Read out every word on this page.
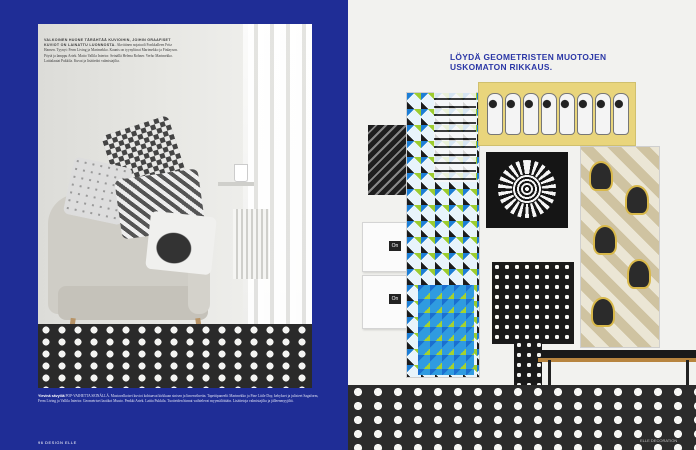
VALKOINEN HUONE TÄRÄHTÄÄ KUVIOIHIN, JOIHIN GRAAFISET KUVIOT ON LAINATTU LUONNOSTA. Akvittinen nojatuoli Fonkkalleen Fritz Hansen. Tyynyt: Ferm Living ja Marimekko. Kaunis on tyynyliinat Marimekko ja Finlayson. Pöytä ja lamppu Artek. Matto Vallila Interior. Seinällä Helena Rohner. Verho Marimekko. Lattialaatat Pukkila. Kuvat ja lisätiedot valmistajilta.
Ylevinä sävyillä POP-VAIHETTA SEINÄLLÄ. Mustavalkoiset kuviot kohtaavat kirkkaan sinisen ja limenvihreän. Tapettipaneelit Marimekko ja Fine Little Day, kehykset ja julisteet Sagaform, Ferm Living ja Vallila Interior. Geometriset laatikot Muuto. Penkki Artek. Lattia Pukkila. Tuotteiden hinnat vaihtelevat myymälöittäin. Lisätietoja valmistajilta ja jälleenmyyjiltä.
96 DESIGN ELLE
LÖYDÄ GEOMETRISTEN MUOTOJEN USKOMATON RIKKAUS.
On
On
ELLE DECORATION
